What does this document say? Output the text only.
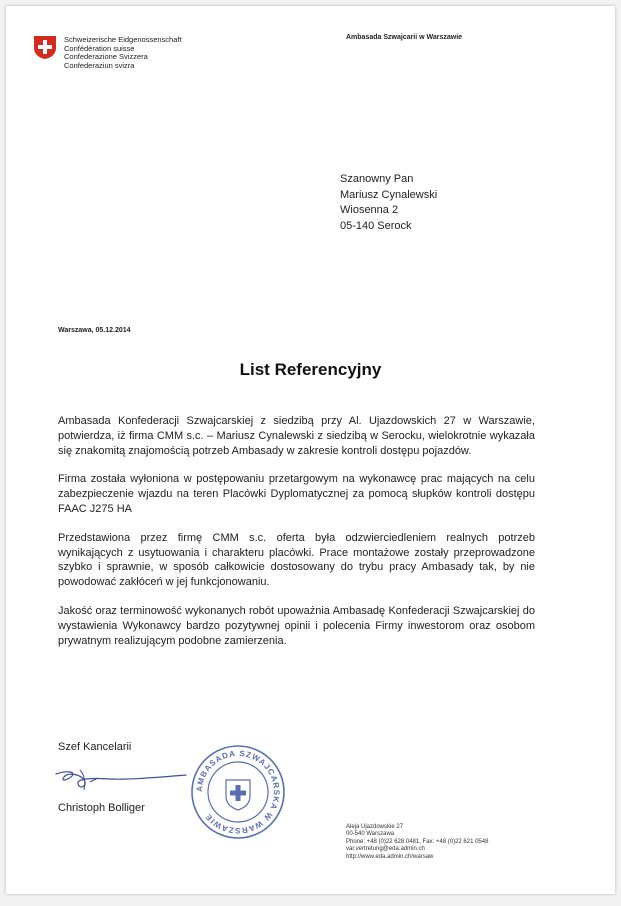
Schweizerische Eidgenossenschaft
Confédération suisse
Confederazione Svizzera
Confederaziun svizra
Ambasada Szwajcarii w Warszawie
Szanowny Pan
Mariusz Cynalewski
Wiosenna 2
05-140 Serock
Warszawa, 05.12.2014
List Referencyjny

Ambasada Konfederacji Szwajcarskiej z siedzibą przy Al. Ujazdowskich 27 w Warszawie, potwierdza, iż firma CMM s.c. – Mariusz Cynalewski z siedzibą w Serocku, wielokrotnie wykazała się znakomitą znajomością potrzeb Ambasady w zakresie kontroli dostępu pojazdów.

Firma została wyłoniona w postępowaniu przetargowym na wykonawcę prac mających na celu zabezpieczenie wjazdu na teren Placówki Dyplomatycznej za pomocą słupków kontroli dostępu FAAC J275 HA

Przedstawiona przez firmę CMM s.c. oferta była odzwierciedleniem realnych potrzeb wynikających z usytuowania i charakteru placówki. Prace montażowe zostały przeprowadzone szybko i sprawnie, w sposób całkowicie dostosowany do trybu pracy Ambasady tak, by nie powodować zakłóceń w jej funkcjonowaniu.

Jakość oraz terminowość wykonanych robót upoważnia Ambasadę Konfederacji Szwajcarskiej do wystawienia Wykonawcy bardzo pozytywnej opinii i polecenia Firmy inwestorom oraz osobom prywatnym realizującym podobne zamierzenia.

Szef Kancelarii
Christoph Bolliger
AMBASADA SZWAJCARSKA W WARSZAWIE
Aleja Ujazdowskie 27
00-540 Warszawa
Phone: +48 (0)22 628 0481, Fax: +48 (0)22 621 0548
var.vertretung@eda.admin.ch
http://www.eda.admin.ch/warsaw
